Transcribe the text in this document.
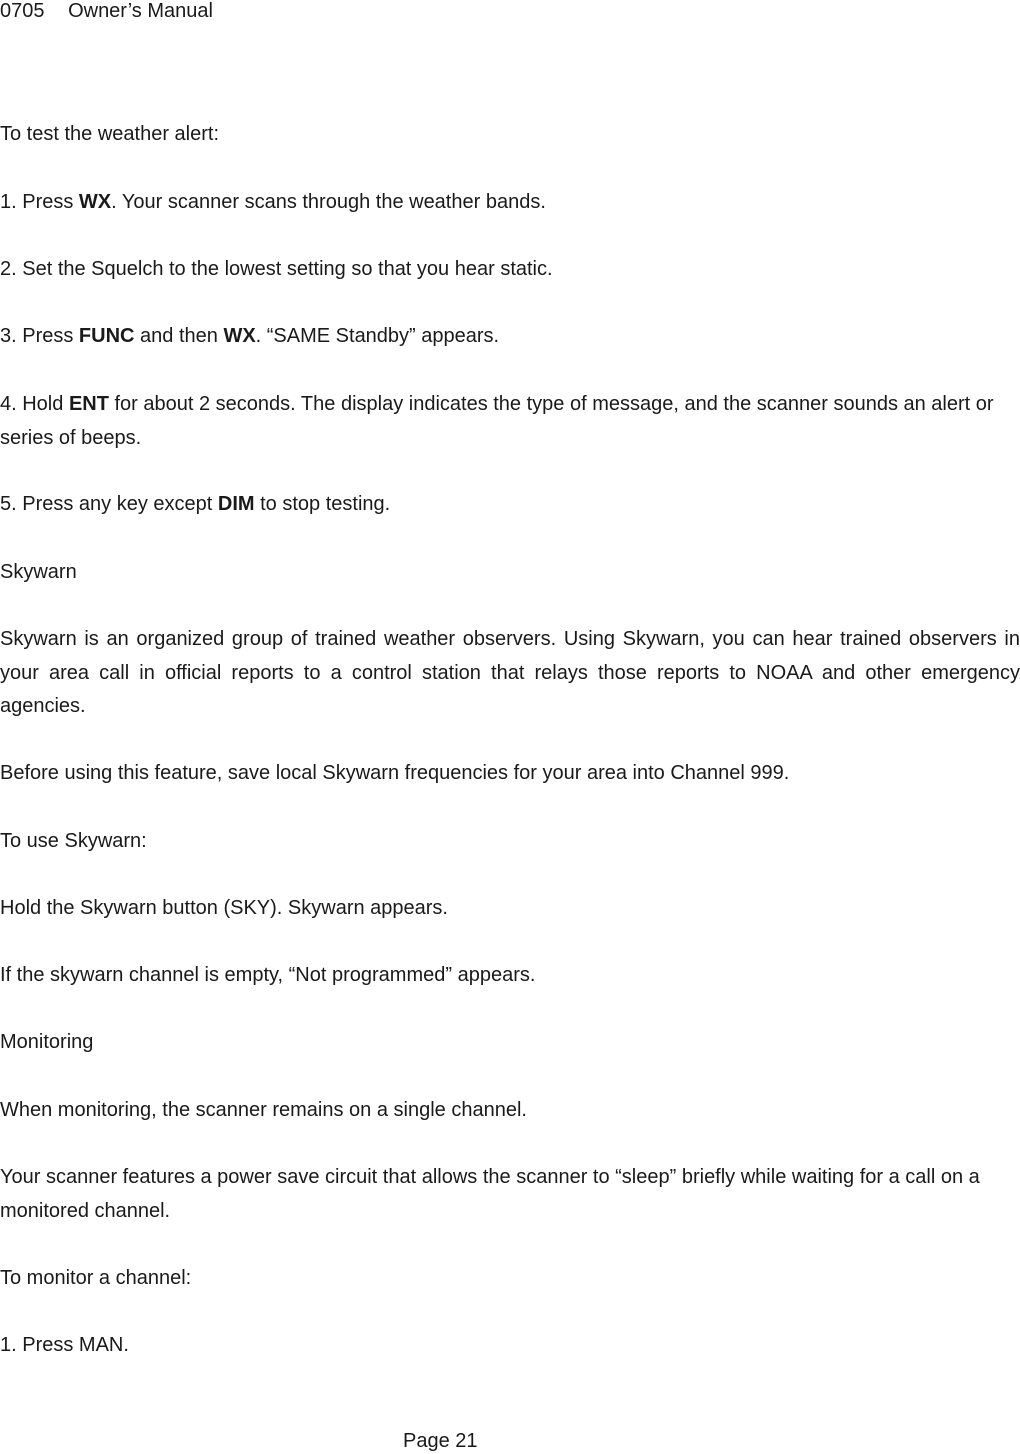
0705 Owner’s Manual

To test the weather alert:

1. Press WX. Your scanner scans through the weather bands.

2. Set the Squelch to the lowest setting so that you hear static.

3. Press FUNC and then WX. “SAME Standby” appears.

4. Hold ENT for about 2 seconds. The display indicates the type of message, and the scanner sounds an alert or series of beeps.

5. Press any key except DIM to stop testing.

Skywarn

Skywarn is an organized group of trained weather observers. Using Skywarn, you can hear trained observers in your area call in official reports to a control station that relays those reports to NOAA and other emergency agencies.

Before using this feature, save local Skywarn frequencies for your area into Channel 999.

To use Skywarn:

Hold the Skywarn button (SKY). Skywarn appears.

If the skywarn channel is empty, “Not programmed” appears.

Monitoring

When monitoring, the scanner remains on a single channel.

Your scanner features a power save circuit that allows the scanner to “sleep” briefly while waiting for a call on a monitored channel.

To monitor a channel:

1. Press MAN.

Page 21
